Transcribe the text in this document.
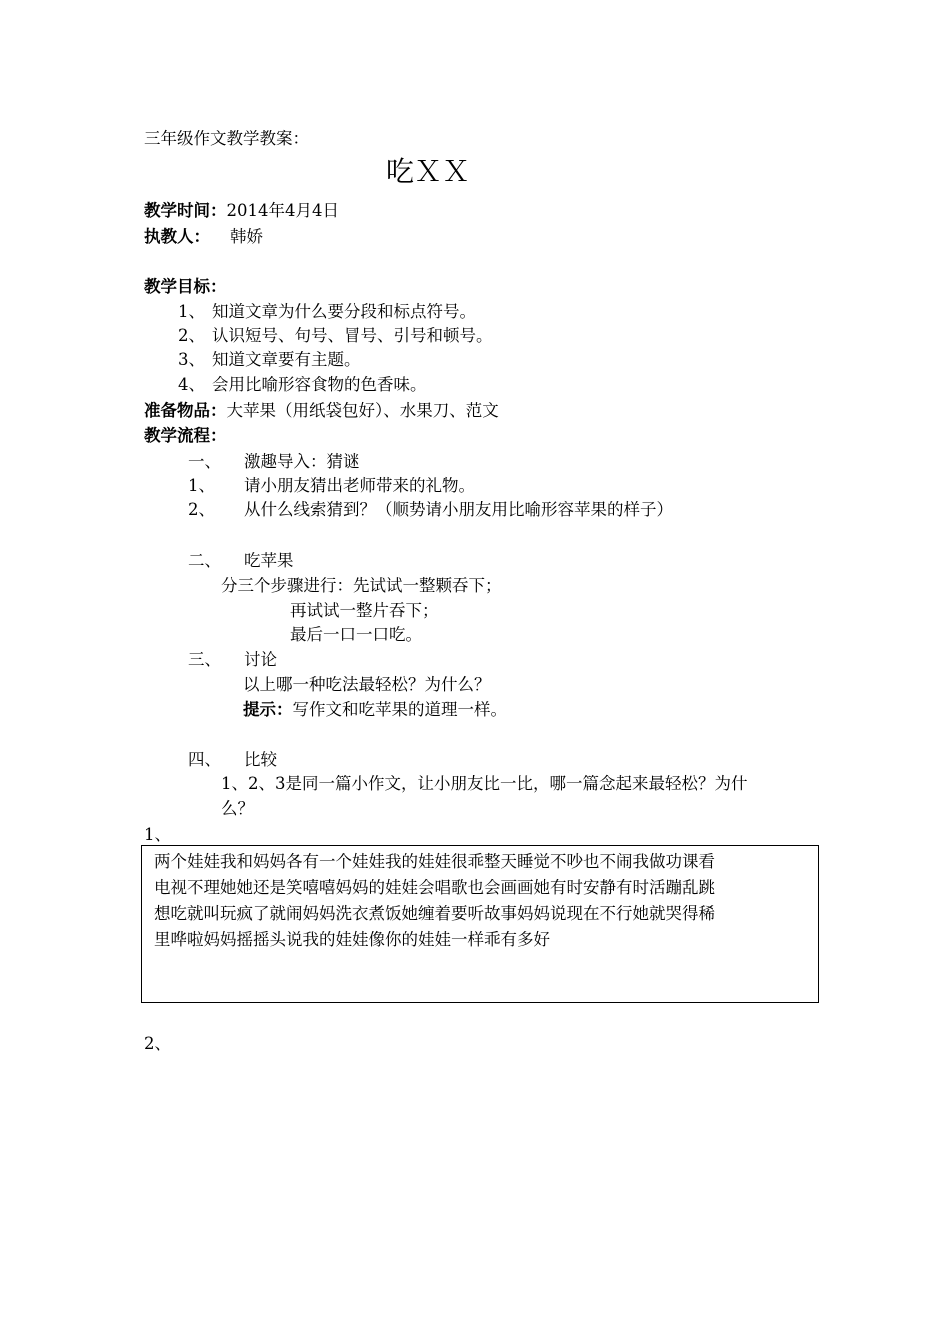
三年级作文教学教案：
吃ＸＸ
教学时间：2014年4月4日
执教人： 韩娇
教学目标：
1、 知道文章为什么要分段和标点符号。
2、 认识短号、句号、冒号、引号和顿号。
3、 知道文章要有主题。
4、 会用比喻形容食物的色香味。
准备物品：大苹果（用纸袋包好）、水果刀、范文
教学流程：
一、 激趣导入：猜谜
1、 请小朋友猜出老师带来的礼物。
2、 从什么线索猜到？（顺势请小朋友用比喻形容苹果的样子）
二、 吃苹果
分三个步骤进行：先试试一整颗吞下；
再试试一整片吞下；
最后一口一口吃。
三、 讨论
以上哪一种吃法最轻松？为什么？
提示：写作文和吃苹果的道理一样。
四、 比较
1、2、3是同一篇小作文，让小朋友比一比，哪一篇念起来最轻松？为什
么？
1、
两个娃娃我和妈妈各有一个娃娃我的娃娃很乖整天睡觉不吵也不闹我做功课看
电视不理她她还是笑嘻嘻妈妈的娃娃会唱歌也会画画她有时安静有时活蹦乱跳
想吃就叫玩疯了就闹妈妈洗衣煮饭她缠着要听故事妈妈说现在不行她就哭得稀
里哗啦妈妈摇摇头说我的娃娃像你的娃娃一样乖有多好
2、
